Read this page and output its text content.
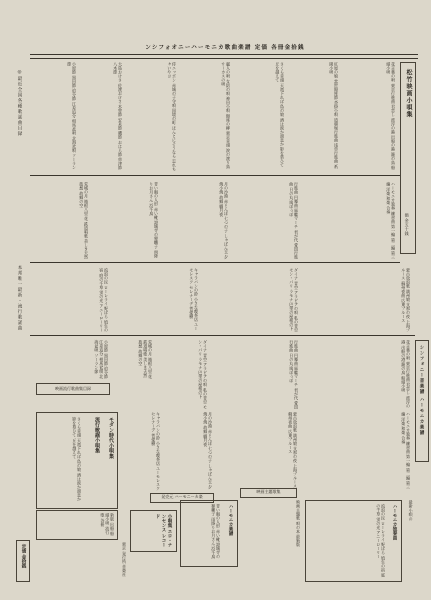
ンシフォオニーハーモニカ歌曲楽譜 定価 各冊金拾銭
花言葉の唄 東京行進曲 君恋し 波浮の港 出船の港 籠の鳥 船頭小唄
紅屋の娘 當世銀座節 沓掛小唄 道頓堀行進曲 浅草行進曲 祇園小唄
さくら音頭 天竜下れば 島の娘 酒は涙か溜息か 影を慕ひて 丘を越えて
麗人の唄 女給の唄 神田小唄 銀座の柳 東京音頭 涙の渡り鳥 サーカスの唄
侍ニッポン 赤城の子守唄 国境の町 ほんとにそうなら 忘れちゃいやヨ
大島おけさ 佐渡おけさ 木曽節 安来節 磯節 おはら節 草津節 八木節
小原節 黒田節 追分節 江差追分 相馬盆唄 北海盆唄 ソーラン節
松竹映画小唄集
価 金五十銭
◎最近全国各種歌謡曲目録
ハーモニカ独奏 練習曲 第一編 第二編 第三編 洋楽 和楽 合奏
行進曲 円舞曲 軍艦マーチ 君が代 愛国行進曲 日の丸 鳩ぽっぽ
月の沙漠 赤とんぼ 七つの子 しゃぼん玉 夕焼小焼 故郷 朧月夜
青い眼の人形 赤い靴 證城寺の狸囃子 雨降りお月さん 浜千鳥
荒城の月 箱根八里 花 鉄道唱歌 美しき天然 旅愁 故郷の空
蒙古放浪歌 満州娘 支那の夜 上海ブルース 蘇州夜曲 広東ブルース
ダイナ 青空 アラビアの唄 私の青空 モン・パリ ラモナ 巴里の屋根の下
キャラバンの鈴 小さな喫茶店 ユーモレスク セレナーデ 菩提樹
流浪の民 ローレライ 野ばら 埴生の宿 庭の千草 蛍の光 アニーローリー
本邦唯一最新・流行歌謡曲
花言葉の唄 東京行進曲 君恋し 波浮の港 出船の港 籠の鳥 船頭小唄
行進曲 円舞曲 軍艦マーチ 君が代 愛国行進曲 日の丸 鳩ぽっぽ
ダイナ 青空 アラビアの唄 私の青空 モン・パリ ラモナ 巴里の屋根の下
荒城の月 箱根八里 花 鉄道唱歌 美しき天然 旅愁 故郷の空
小原節 黒田節 追分節 江差追分 相馬盆唄 北海盆唄 ソーラン節
映画流行歌曲集目録	シンフォニー音楽譜 ハーモニカ楽譜
モダン時代小唄集
流行歌謡小唄集
さくら音頭 天竜下れば 島の娘 酒は涙か溜息か 影を慕ひて 丘を越えて	キャラバンの鈴 小さな喫茶店 ユーモレスク セレナーデ 菩提樹	月の沙漠 赤とんぼ 七つの子 しゃぼん玉 夕焼小焼 故郷 朧月夜
発売元 ハーモニーカ楽
蒙古放浪歌 満州娘 支那の夜 上海ブルース 蘇州夜曲 広東ブルース
映画主題歌集
ハーモニカ独奏 練習曲 第一編 第二編 第三編 洋楽 和楽 合奏
新版 出船 船頭小唄 流行歌 各冊
定価 金拾銭	東京 発行所 音楽社
小唄集 エロ・ナンセンス レコード	ハーモニカ楽譜
青い眼の人形 赤い靴 證城寺の狸囃子 雨降りお月さん 浜千鳥	映画主題歌 唄の本 最新版	ハーモニカ独奏曲
流浪の民 ローレライ 野ばら 埴生の宿 庭の千草 蛍の光 アニーローリー	最新小唄の
